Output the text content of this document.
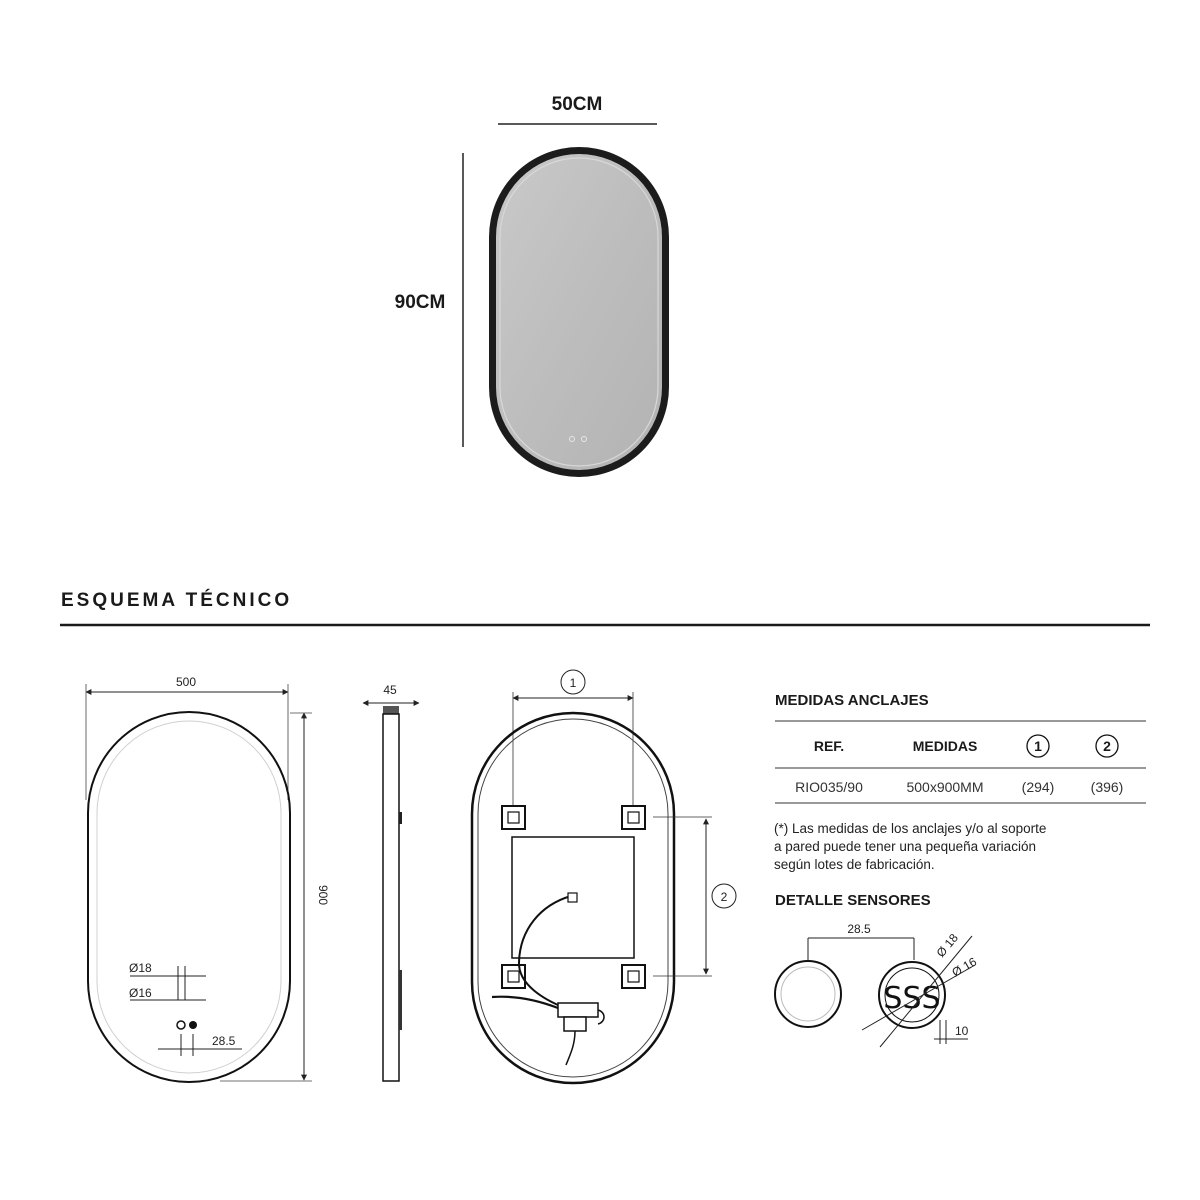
50CM
90CM
ESQUEMA TÉCNICO
500
900
Ø18
Ø16
28.5
45	1
2
MEDIDAS ANCLAJES
REF.	MEDIDAS	1	2
RIO035/90	500x900MM	(294)	(396)
(*) Las medidas de los anclajes y/o al soporte
a pared puede tener una pequeña variación
según lotes de fabricación.
DETALLE SENSORES
28.5
SSS
Ø 18
Ø 16
10
